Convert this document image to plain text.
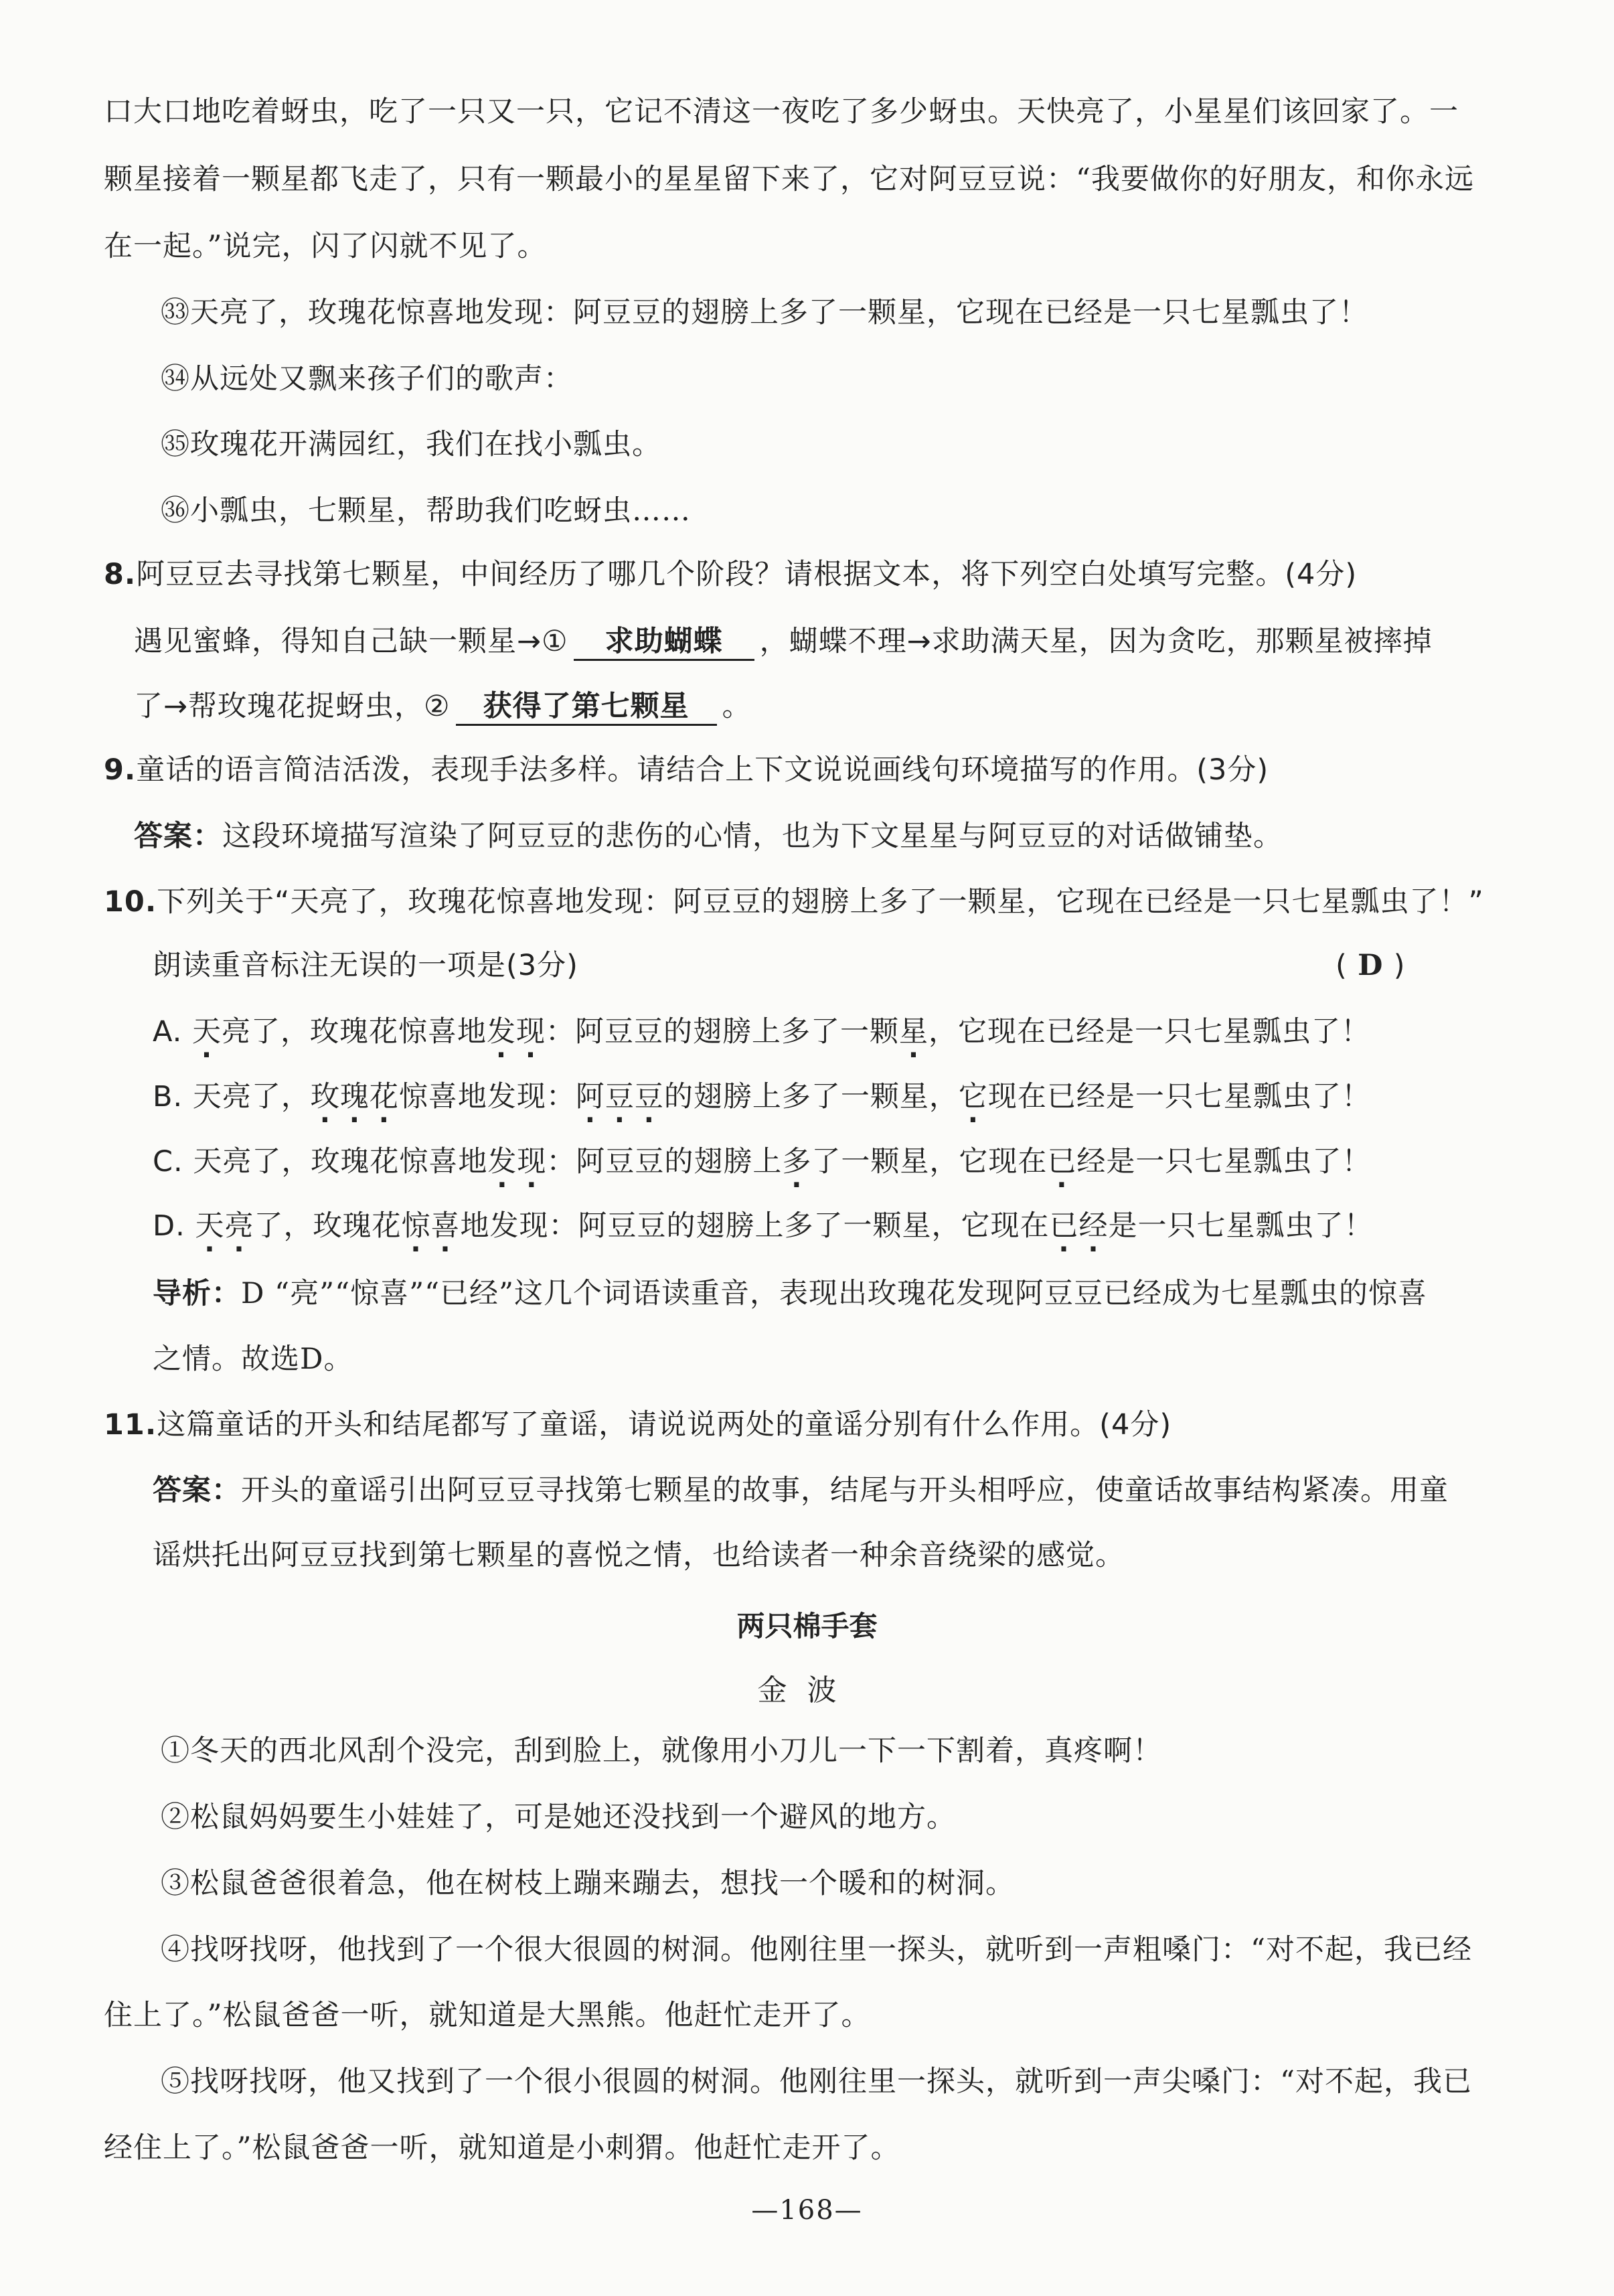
口大口地吃着蚜虫，吃了一只又一只，它记不清这一夜吃了多少蚜虫。天快亮了，小星星们该回家了。一
颗星接着一颗星都飞走了，只有一颗最小的星星留下来了，它对阿豆豆说：“我要做你的好朋友，和你永远
在一起。”说完，闪了闪就不见了。
㉝天亮了，玫瑰花惊喜地发现：阿豆豆的翅膀上多了一颗星，它现在已经是一只七星瓢虫了！
㉞从远处又飘来孩子们的歌声：
㉟玫瑰花开满园红，我们在找小瓢虫。
㊱小瓢虫，七颗星，帮助我们吃蚜虫……
8.阿豆豆去寻找第七颗星，中间经历了哪几个阶段？请根据文本，将下列空白处填写完整。(4分)
遇见蜜蜂，得知自己缺一颗星→① 求助蝴蝶 ，蝴蝶不理→求助满天星，因为贪吃，那颗星被摔掉
了→帮玫瑰花捉蚜虫，② 获得了第七颗星 。
9.童话的语言简洁活泼，表现手法多样。请结合上下文说说画线句环境描写的作用。(3分)
答案：这段环境描写渲染了阿豆豆的悲伤的心情，也为下文星星与阿豆豆的对话做铺垫。
10.下列关于“天亮了，玫瑰花惊喜地发现：阿豆豆的翅膀上多了一颗星，它现在已经是一只七星瓢虫了！”
朗读重音标注无误的一项是(3分)	( D )
A. 天亮了，玫瑰花惊喜地发现：阿豆豆的翅膀上多了一颗星，它现在已经是一只七星瓢虫了！
B. 天亮了，玫瑰花惊喜地发现：阿豆豆的翅膀上多了一颗星，它现在已经是一只七星瓢虫了！
C. 天亮了，玫瑰花惊喜地发现：阿豆豆的翅膀上多了一颗星，它现在已经是一只七星瓢虫了！
D. 天亮了，玫瑰花惊喜地发现：阿豆豆的翅膀上多了一颗星，它现在已经是一只七星瓢虫了！
导析：D “亮”“惊喜”“已经”这几个词语读重音，表现出玫瑰花发现阿豆豆已经成为七星瓢虫的惊喜
之情。故选D。
11.这篇童话的开头和结尾都写了童谣，请说说两处的童谣分别有什么作用。(4分)
答案：开头的童谣引出阿豆豆寻找第七颗星的故事，结尾与开头相呼应，使童话故事结构紧凑。用童
谣烘托出阿豆豆找到第七颗星的喜悦之情，也给读者一种余音绕梁的感觉。
两只棉手套
金波
①冬天的西北风刮个没完，刮到脸上，就像用小刀儿一下一下割着，真疼啊！
②松鼠妈妈要生小娃娃了，可是她还没找到一个避风的地方。
③松鼠爸爸很着急，他在树枝上蹦来蹦去，想找一个暖和的树洞。
④找呀找呀，他找到了一个很大很圆的树洞。他刚往里一探头，就听到一声粗嗓门：“对不起，我已经
住上了。”松鼠爸爸一听，就知道是大黑熊。他赶忙走开了。
⑤找呀找呀，他又找到了一个很小很圆的树洞。他刚往里一探头，就听到一声尖嗓门：“对不起，我已
经住上了。”松鼠爸爸一听，就知道是小刺猬。他赶忙走开了。
—168—
